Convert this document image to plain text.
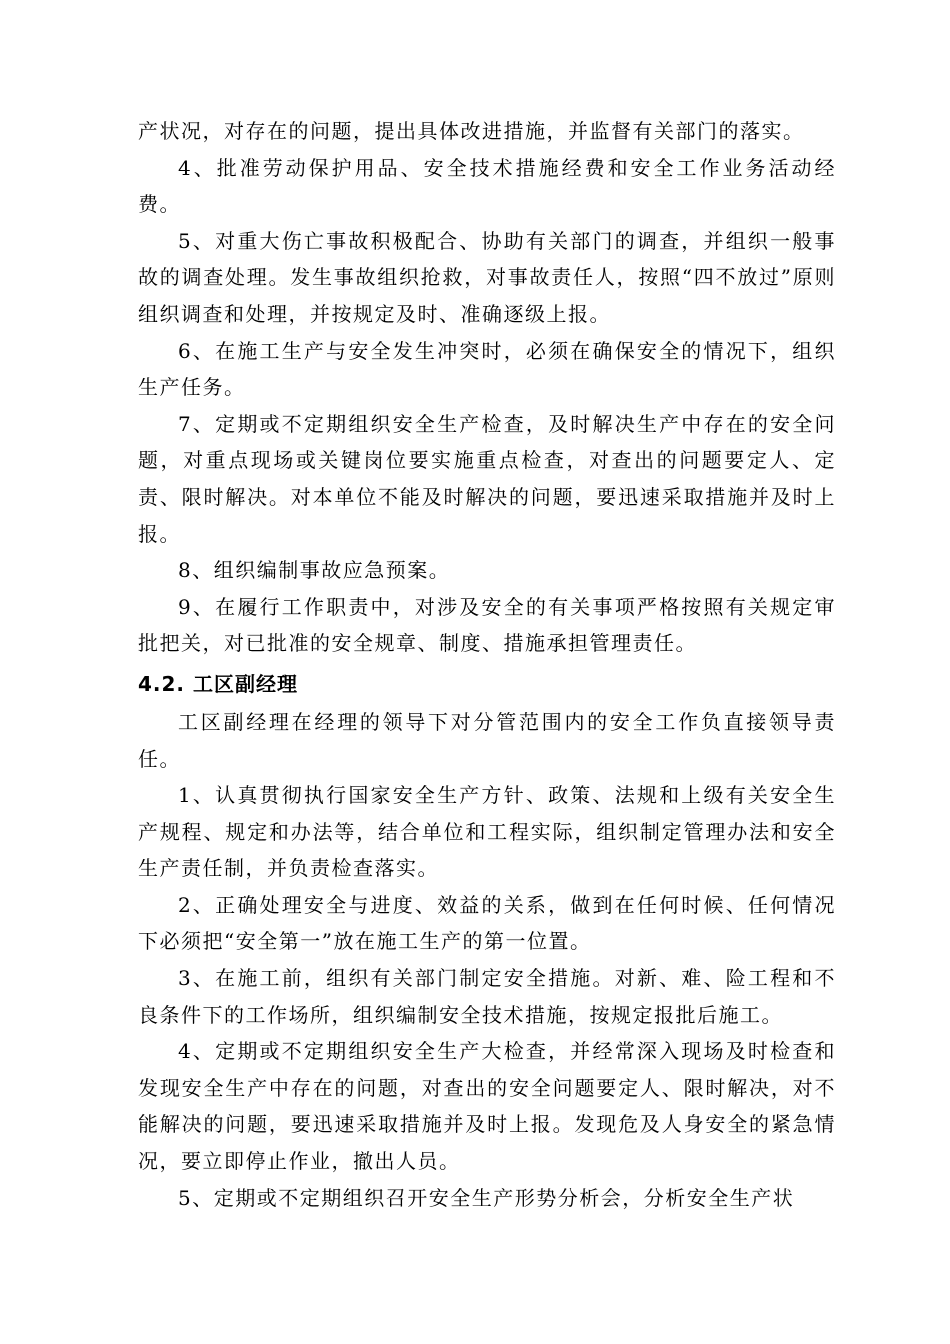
产状况，对存在的问题，提出具体改进措施，并监督有关部门的落实。

4、批准劳动保护用品、安全技术措施经费和安全工作业务活动经费。

5、对重大伤亡事故积极配合、协助有关部门的调查，并组织一般事故的调查处理。发生事故组织抢救，对事故责任人，按照“四不放过”原则组织调查和处理，并按规定及时、准确逐级上报。

6、在施工生产与安全发生冲突时，必须在确保安全的情况下，组织生产任务。

7、定期或不定期组织安全生产检查，及时解决生产中存在的安全问题，对重点现场或关键岗位要实施重点检查，对查出的问题要定人、定责、限时解决。对本单位不能及时解决的问题，要迅速采取措施并及时上报。

8、组织编制事故应急预案。

9、在履行工作职责中，对涉及安全的有关事项严格按照有关规定审批把关，对已批准的安全规章、制度、措施承担管理责任。

4.2. 工区副经理

工区副经理在经理的领导下对分管范围内的安全工作负直接领导责任。

1、认真贯彻执行国家安全生产方针、政策、法规和上级有关安全生产规程、规定和办法等，结合单位和工程实际，组织制定管理办法和安全生产责任制，并负责检查落实。

2、正确处理安全与进度、效益的关系，做到在任何时候、任何情况下必须把“安全第一”放在施工生产的第一位置。

3、在施工前，组织有关部门制定安全措施。对新、难、险工程和不良条件下的工作场所，组织编制安全技术措施，按规定报批后施工。

4、定期或不定期组织安全生产大检查，并经常深入现场及时检查和发现安全生产中存在的问题，对查出的安全问题要定人、限时解决，对不能解决的问题，要迅速采取措施并及时上报。发现危及人身安全的紧急情况，要立即停止作业，撤出人员。

5、定期或不定期组织召开安全生产形势分析会，分析安全生产状
